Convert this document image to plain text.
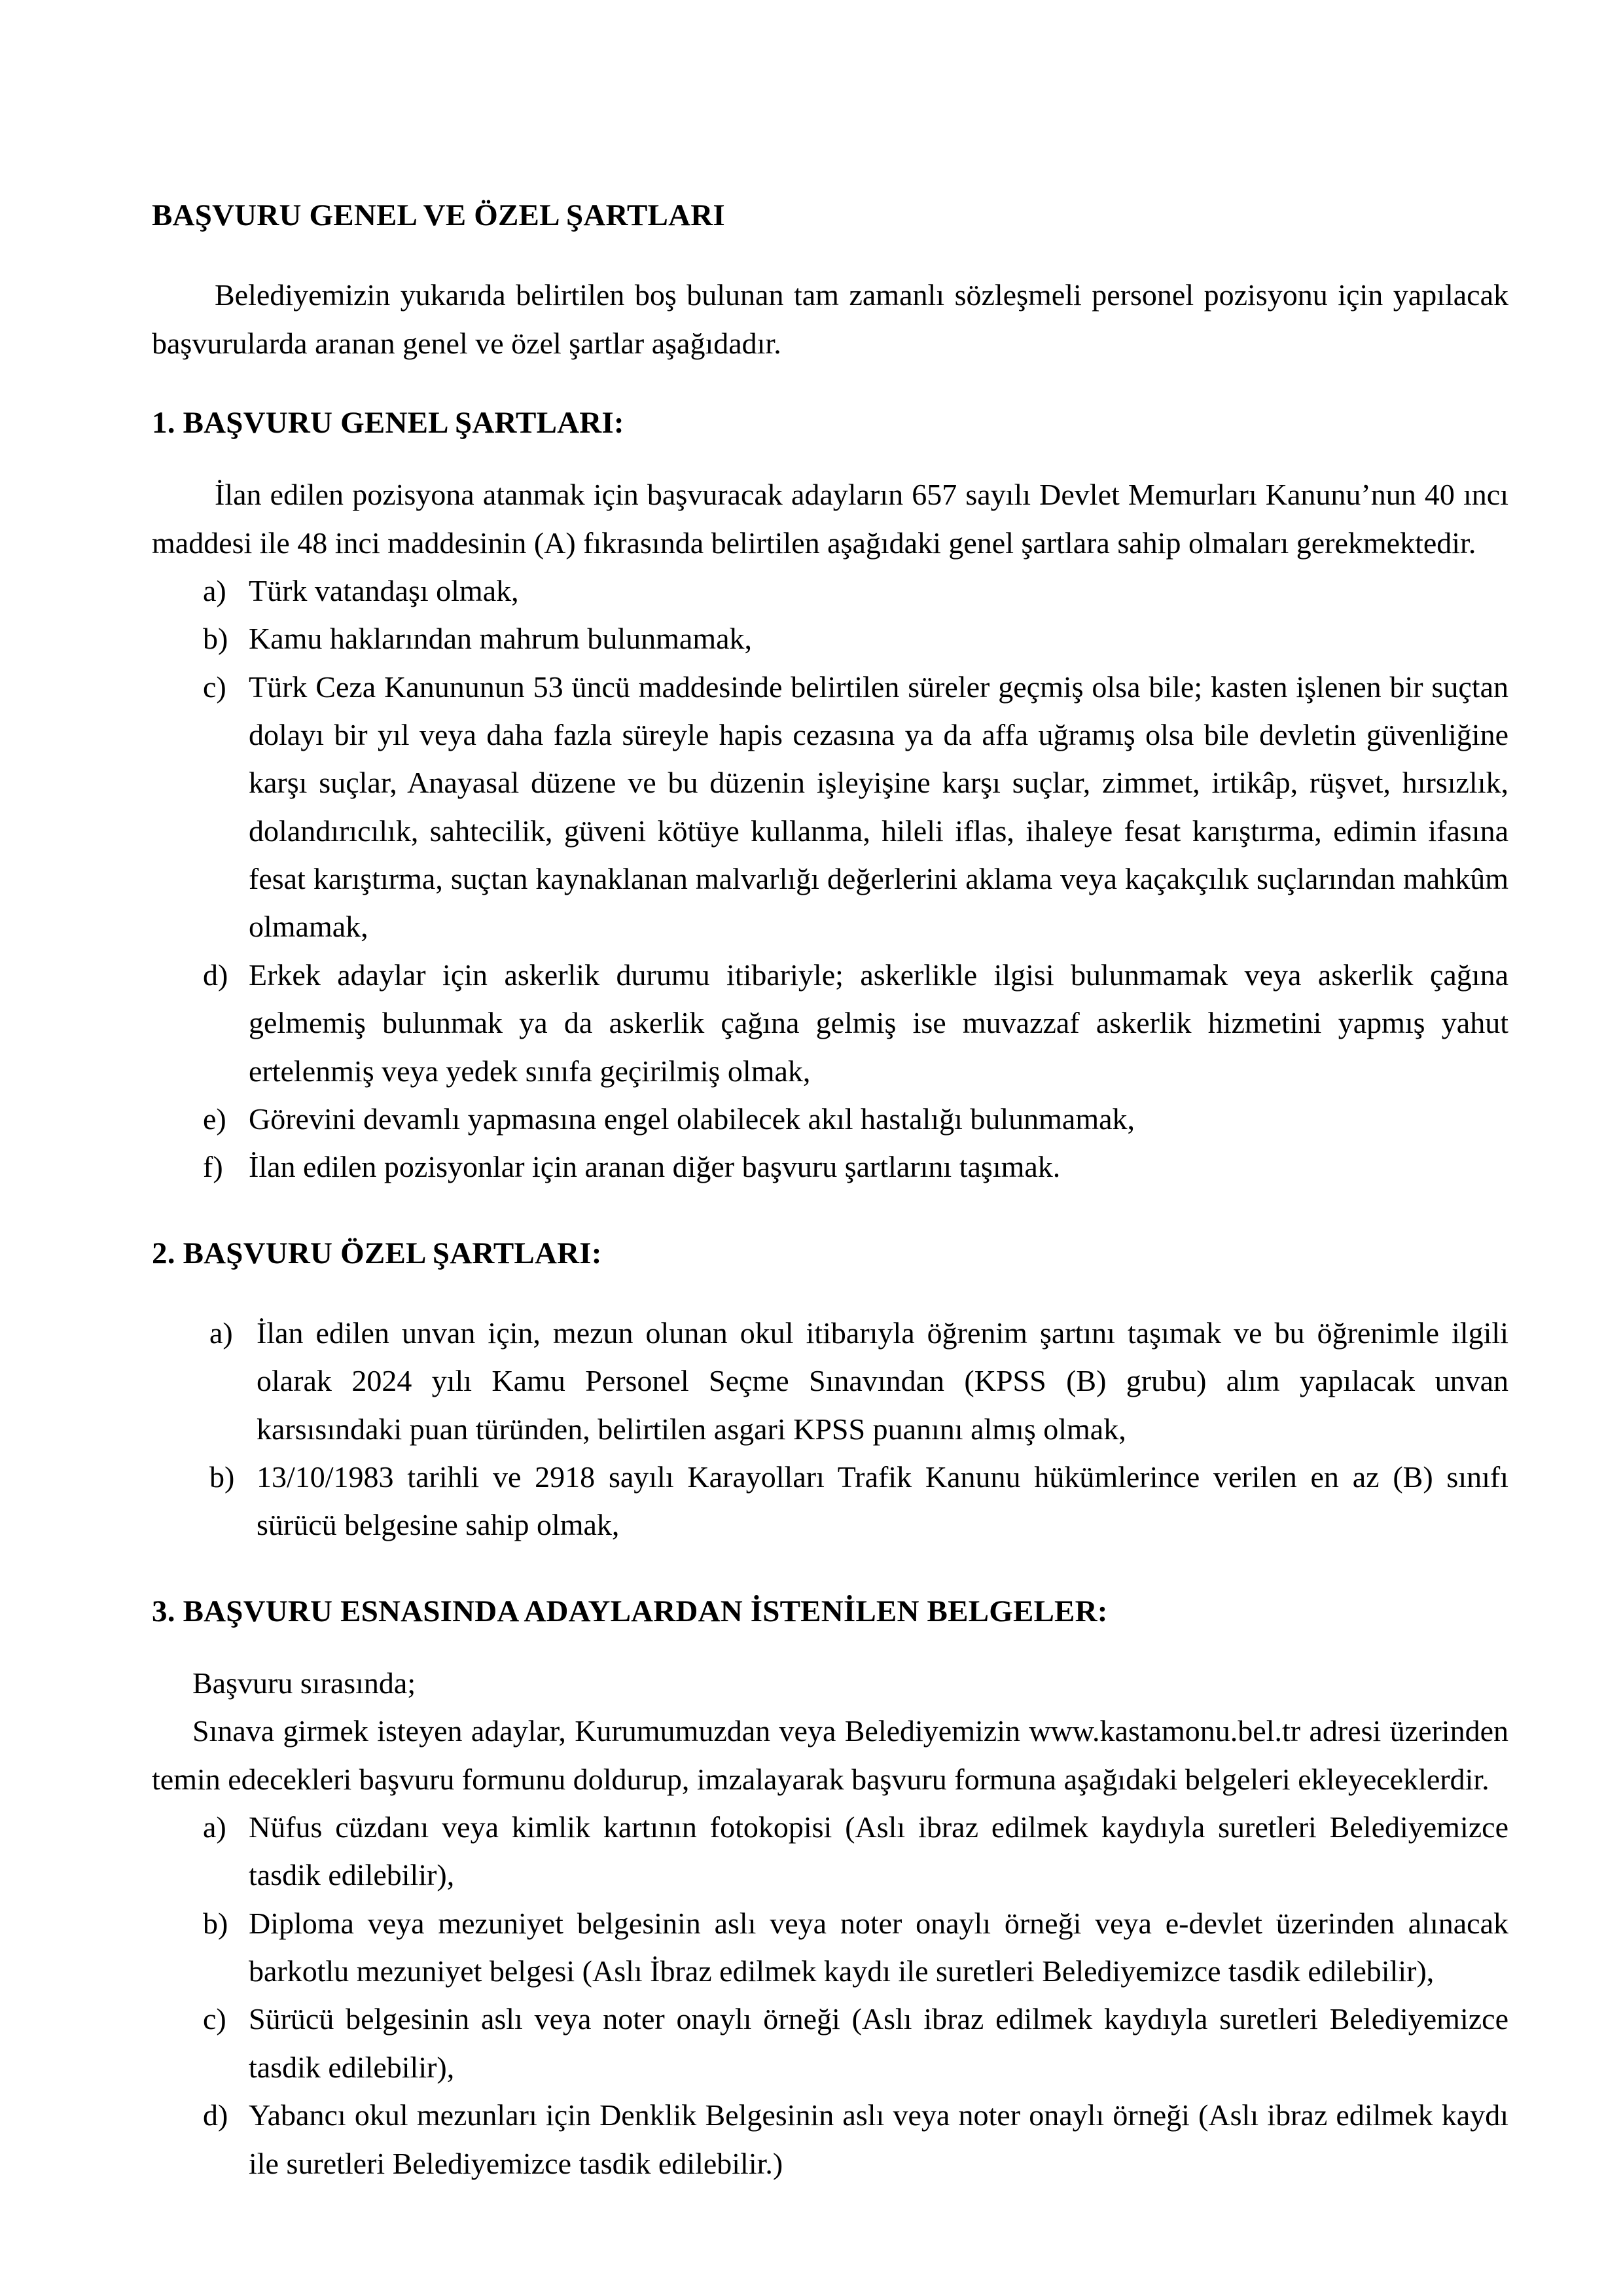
BAŞVURU GENEL VE ÖZEL ŞARTLARI

Belediyemizin yukarıda belirtilen boş bulunan tam zamanlı sözleşmeli personel pozisyonu için yapılacak başvurularda aranan genel ve özel şartlar aşağıdadır.

1. BAŞVURU GENEL ŞARTLARI:

İlan edilen pozisyona atanmak için başvuracak adayların 657 sayılı Devlet Memurları Kanunu’nun 40 ıncı maddesi ile 48 inci maddesinin (A) fıkrasında belirtilen aşağıdaki genel şartlara sahip olmaları gerekmektedir.

a) Türk vatandaşı olmak,
b) Kamu haklarından mahrum bulunmamak,
c) Türk Ceza Kanununun 53 üncü maddesinde belirtilen süreler geçmiş olsa bile; kasten işlenen bir suçtan dolayı bir yıl veya daha fazla süreyle hapis cezasına ya da affa uğramış olsa bile devletin güvenliğine karşı suçlar, Anayasal düzene ve bu düzenin işleyişine karşı suçlar, zimmet, irtikâp, rüşvet, hırsızlık, dolandırıcılık, sahtecilik, güveni kötüye kullanma, hileli iflas, ihaleye fesat karıştırma, edimin ifasına fesat karıştırma, suçtan kaynaklanan malvarlığı değerlerini aklama veya kaçakçılık suçlarından mahkûm olmamak,
d) Erkek adaylar için askerlik durumu itibariyle; askerlikle ilgisi bulunmamak veya askerlik çağına gelmemiş bulunmak ya da askerlik çağına gelmiş ise muvazzaf askerlik hizmetini yapmış yahut ertelenmiş veya yedek sınıfa geçirilmiş olmak,
e) Görevini devamlı yapmasına engel olabilecek akıl hastalığı bulunmamak,
f) İlan edilen pozisyonlar için aranan diğer başvuru şartlarını taşımak.
2. BAŞVURU ÖZEL ŞARTLARI:
a) İlan edilen unvan için, mezun olunan okul itibarıyla öğrenim şartını taşımak ve bu öğrenimle ilgili olarak 2024 yılı Kamu Personel Seçme Sınavından (KPSS (B) grubu) alım yapılacak unvan karsısındaki puan türünden, belirtilen asgari KPSS puanını almış olmak,
b) 13/10/1983 tarihli ve 2918 sayılı Karayolları Trafik Kanunu hükümlerince verilen en az (B) sınıfı sürücü belgesine sahip olmak,
3. BAŞVURU ESNASINDA ADAYLARDAN İSTENİLEN BELGELER:

Başvuru sırasında;

Sınava girmek isteyen adaylar, Kurumumuzdan veya Belediyemizin www.kastamonu.bel.tr adresi üzerinden temin edecekleri başvuru formunu doldurup, imzalayarak başvuru formuna aşağıdaki belgeleri ekleyeceklerdir.

a) Nüfus cüzdanı veya kimlik kartının fotokopisi (Aslı ibraz edilmek kaydıyla suretleri Belediyemizce tasdik edilebilir),
b) Diploma veya mezuniyet belgesinin aslı veya noter onaylı örneği veya e-devlet üzerinden alınacak barkotlu mezuniyet belgesi (Aslı İbraz edilmek kaydı ile suretleri Belediyemizce tasdik edilebilir),
c) Sürücü belgesinin aslı veya noter onaylı örneği (Aslı ibraz edilmek kaydıyla suretleri Belediyemizce tasdik edilebilir),
d) Yabancı okul mezunları için Denklik Belgesinin aslı veya noter onaylı örneği (Aslı ibraz edilmek kaydı ile suretleri Belediyemizce tasdik edilebilir.)
